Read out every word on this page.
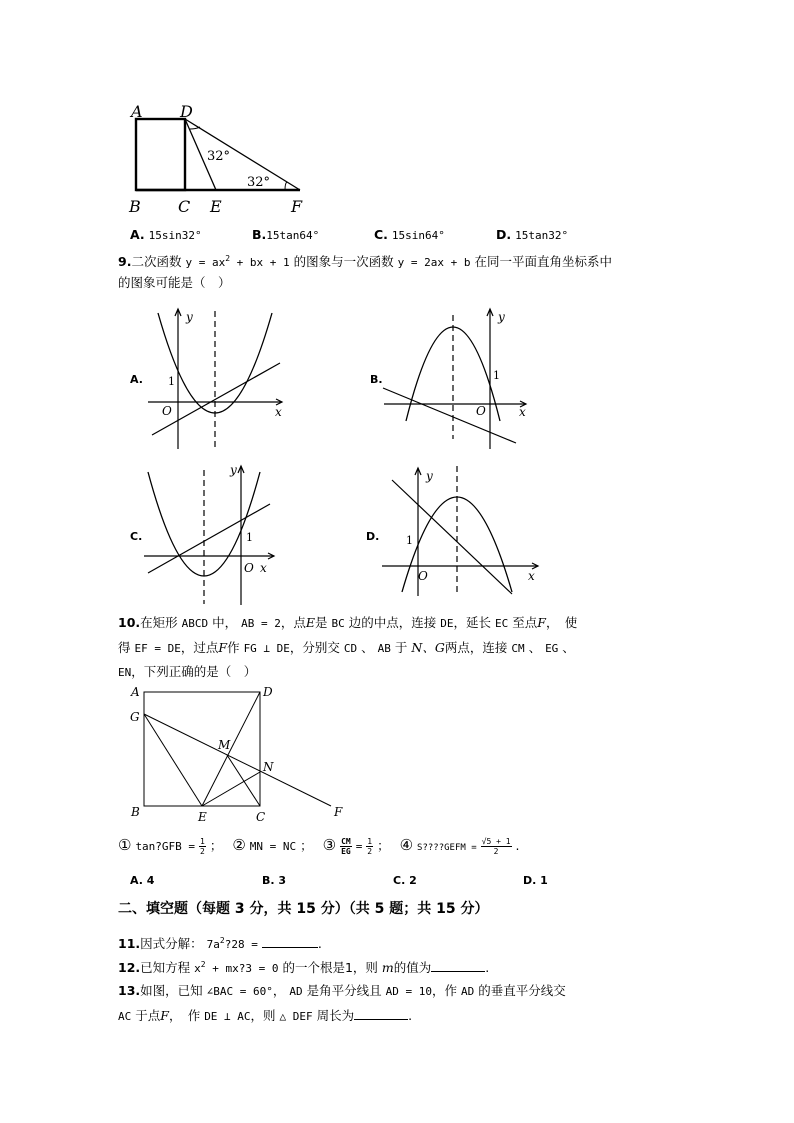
A D
B C E	F
32°
32°
A. 15sin32°	B.15tan64°	C. 15sin64°	D. 15tan32°
9.二次函数 $y = ax^2$ + bx + 1 的图象与一次函数 y = 2ax + b 在同一平面直角坐标系中
的图象可能是（　）
A.
y
x
O
1	B.
y
x
O
1
C.
y
x
O
1	D.
y
x
O
1
10.在矩形 ABCD 中， AB = 2，点E是 BC 边的中点，连接 DE，延长 EC 至点F，　使
得 EF = DE，过点F作 FG ⊥ DE，分别交 CD 、 AB 于 N、G两点，连接 CM 、 EG 、
EN，下列正确的是（　）
A	D
G
M
N
B	E	C	F
① tan?GFB = $\frac{1}{2}$ ； ② MN = NC ； ③ $\frac{CM}{EG} = \frac{1}{2}$ ； ④ S????GEFM = $\frac{√5 + 1}{2}$ .
A. 4	B. 3	C. 2	D. 1
二、填空题（每题 3 分，共 15 分）（共 5 题；共 15 分）
11.因式分解： $7a^2?28$ =	.
12.已知方程 $x^2$ + mx?3 = 0 的一个根是1，则 m的值为	.
13.如图，已知 ∠BAC = 60°， AD 是角平分线且 AD = 10，作 AD 的垂直平分线交
AC 于点F，　作 DE ⊥ AC，则 △ DEF 周长为	.
